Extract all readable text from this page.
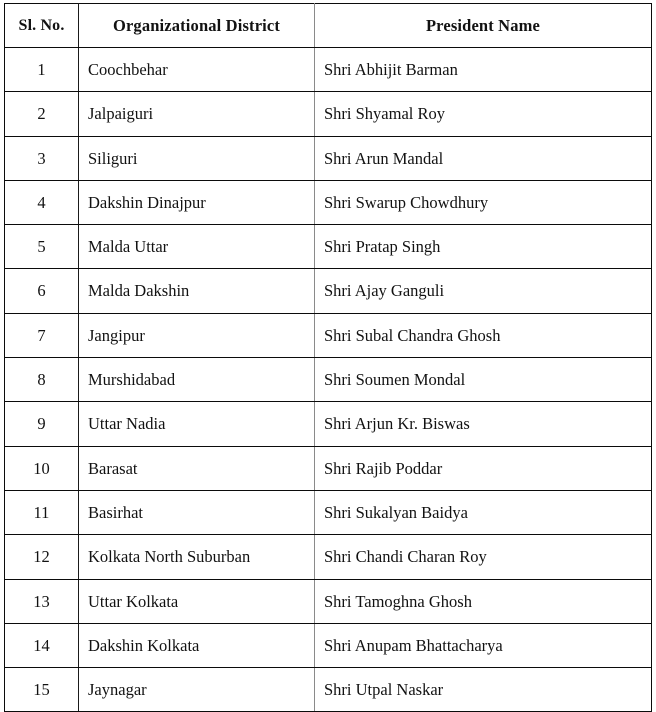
Sl. No.	Organizational District	President Name

1	Coochbehar	Shri Abhijit Barman

2	Jalpaiguri	Shri Shyamal Roy

3	Siliguri	Shri Arun Mandal

4	Dakshin Dinajpur	Shri Swarup Chowdhury

5	Malda Uttar	Shri Pratap Singh

6	Malda Dakshin	Shri Ajay Ganguli

7	Jangipur	Shri Subal Chandra Ghosh

8	Murshidabad	Shri Soumen Mondal

9	Uttar Nadia	Shri Arjun Kr. Biswas

10	Barasat	Shri Rajib Poddar

11	Basirhat	Shri Sukalyan Baidya

12	Kolkata North Suburban	Shri Chandi Charan Roy

13	Uttar Kolkata	Shri Tamoghna Ghosh

14	Dakshin Kolkata	Shri Anupam Bhattacharya

15	Jaynagar	Shri Utpal Naskar
